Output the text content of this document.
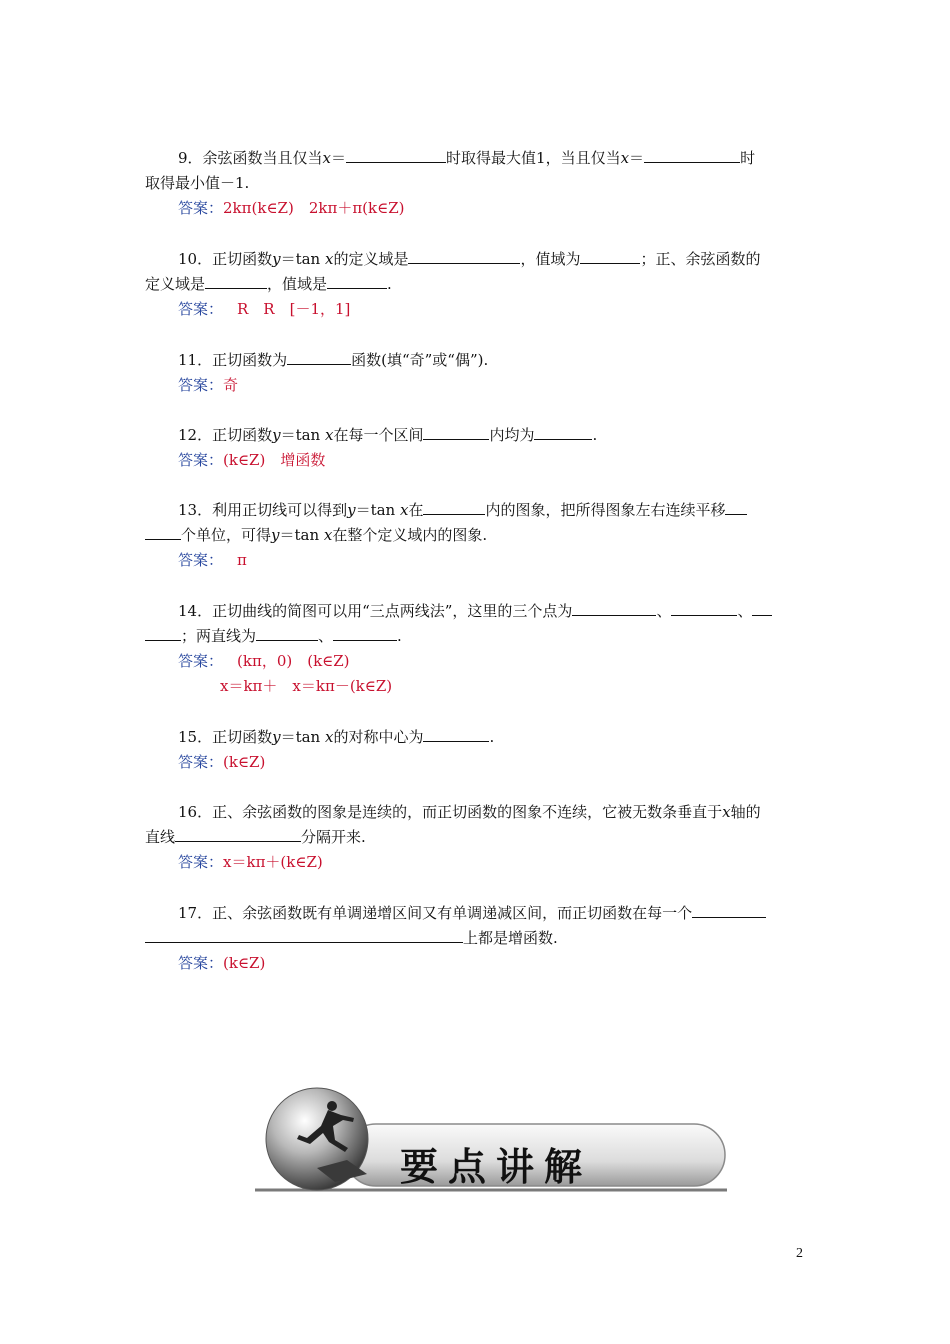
9．余弦函数当且仅当x＝	时取得最大值1，当且仅当x＝	时
取得最小值－1.
答案：2kπ(k∈Z)　2kπ＋π(k∈Z)
10．正切函数y＝tan x的定义域是	，值域为	；正、余弦函数的
定义域是	，值域是	.
答案： R　R　[－1，1]
11．正切函数为	函数(填“奇”或“偶”).
答案：奇
12．正切函数y＝tan x在每一个区间	内均为	.
答案：(k∈Z)　增函数
13．利用正切线可以得到y＝tan x在	内的图象，把所得图象左右连续平移
个单位，可得y＝tan x在整个定义域内的图象.
答案： π
14．正切曲线的简图可以用“三点两线法”，这里的三个点为	、	、
；两直线为	、	.
答案： (kπ，0)　(k∈Z)
x＝kπ＋　x＝kπ－(k∈Z)
15．正切函数y＝tan x的对称中心为	.
答案：(k∈Z)
16．正、余弦函数的图象是连续的，而正切函数的图象不连续，它被无数条垂直于x轴的
直线	分隔开来.
答案：x＝kπ＋(k∈Z)
17．正、余弦函数既有单调递增区间又有单调递减区间，而正切函数在每一个
上都是增函数.
答案：(k∈Z)
要点讲解
2
